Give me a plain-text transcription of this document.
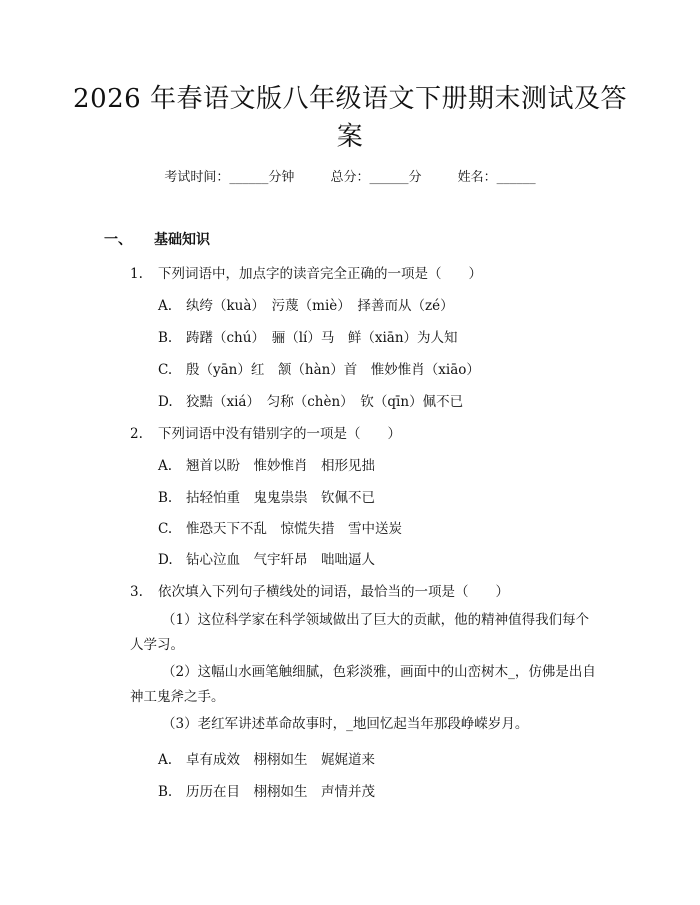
2026 年春语文版八年级语文下册期末测试及答案
考试时间：______分钟	总分：______分	姓名：______
一、 基础知识
1. 下列词语中，加点字的读音完全正确的一项是（　　）
A. 纨绔（kuà）　污蔑（miè）　择善而从（zé）
B. 踌躇（chú）　骊（lí）马　鲜（xiān）为人知
C. 殷（yān）红　颔（hàn）首　惟妙惟肖（xiāo）
D. 狡黠（xiá）　匀称（chèn）　钦（qīn）佩不已
2. 下列词语中没有错别字的一项是（　　）
A. 翘首以盼　惟妙惟肖　相形见拙
B. 拈轻怕重　鬼鬼祟祟　钦佩不已
C. 惟恐天下不乱　惊慌失措　雪中送炭
D. 钻心泣血　气宇轩昂　咄咄逼人
3. 依次填入下列句子横线处的词语，最恰当的一项是（　　）
（1）这位科学家在科学领域做出了巨大的贡献，他的精神值得我们每个人学习。
（2）这幅山水画笔触细腻，色彩淡雅，画面中的山峦树木_，仿佛是出自神工鬼斧之手。
（3）老红军讲述革命故事时，_地回忆起当年那段峥嵘岁月。
A. 卓有成效　栩栩如生　娓娓道来
B. 历历在目　栩栩如生　声情并茂
